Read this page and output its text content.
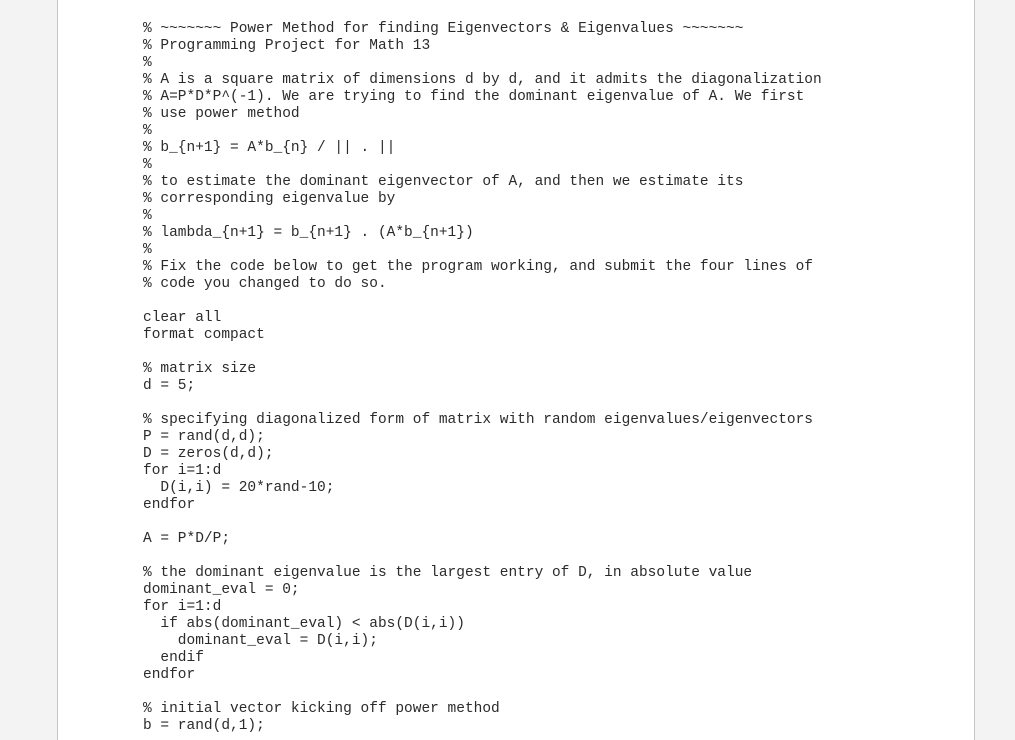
% ~~~~~~~ Power Method for finding Eigenvectors & Eigenvalues ~~~~~~~
% Programming Project for Math 13
%
% A is a square matrix of dimensions d by d, and it admits the diagonalization
% A=P*D*P^(-1). We are trying to find the dominant eigenvalue of A. We first
% use power method
%
% b_{n+1} = A*b_{n} / || . ||
%
% to estimate the dominant eigenvector of A, and then we estimate its
% corresponding eigenvalue by
%
% lambda_{n+1} = b_{n+1} . (A*b_{n+1})
%
% Fix the code below to get the program working, and submit the four lines of
% code you changed to do so.
clear all
format compact
% matrix size
d = 5;
% specifying diagonalized form of matrix with random eigenvalues/eigenvectors
P = rand(d,d);
D = zeros(d,d);
for i=1:d
D(i,i) = 20*rand-10;
endfor
A = P*D/P;
% the dominant eigenvalue is the largest entry of D, in absolute value
dominant_eval = 0;
for i=1:d
if abs(dominant_eval) < abs(D(i,i))
dominant_eval = D(i,i);
endif
endfor
% initial vector kicking off power method
b = rand(d,1);
